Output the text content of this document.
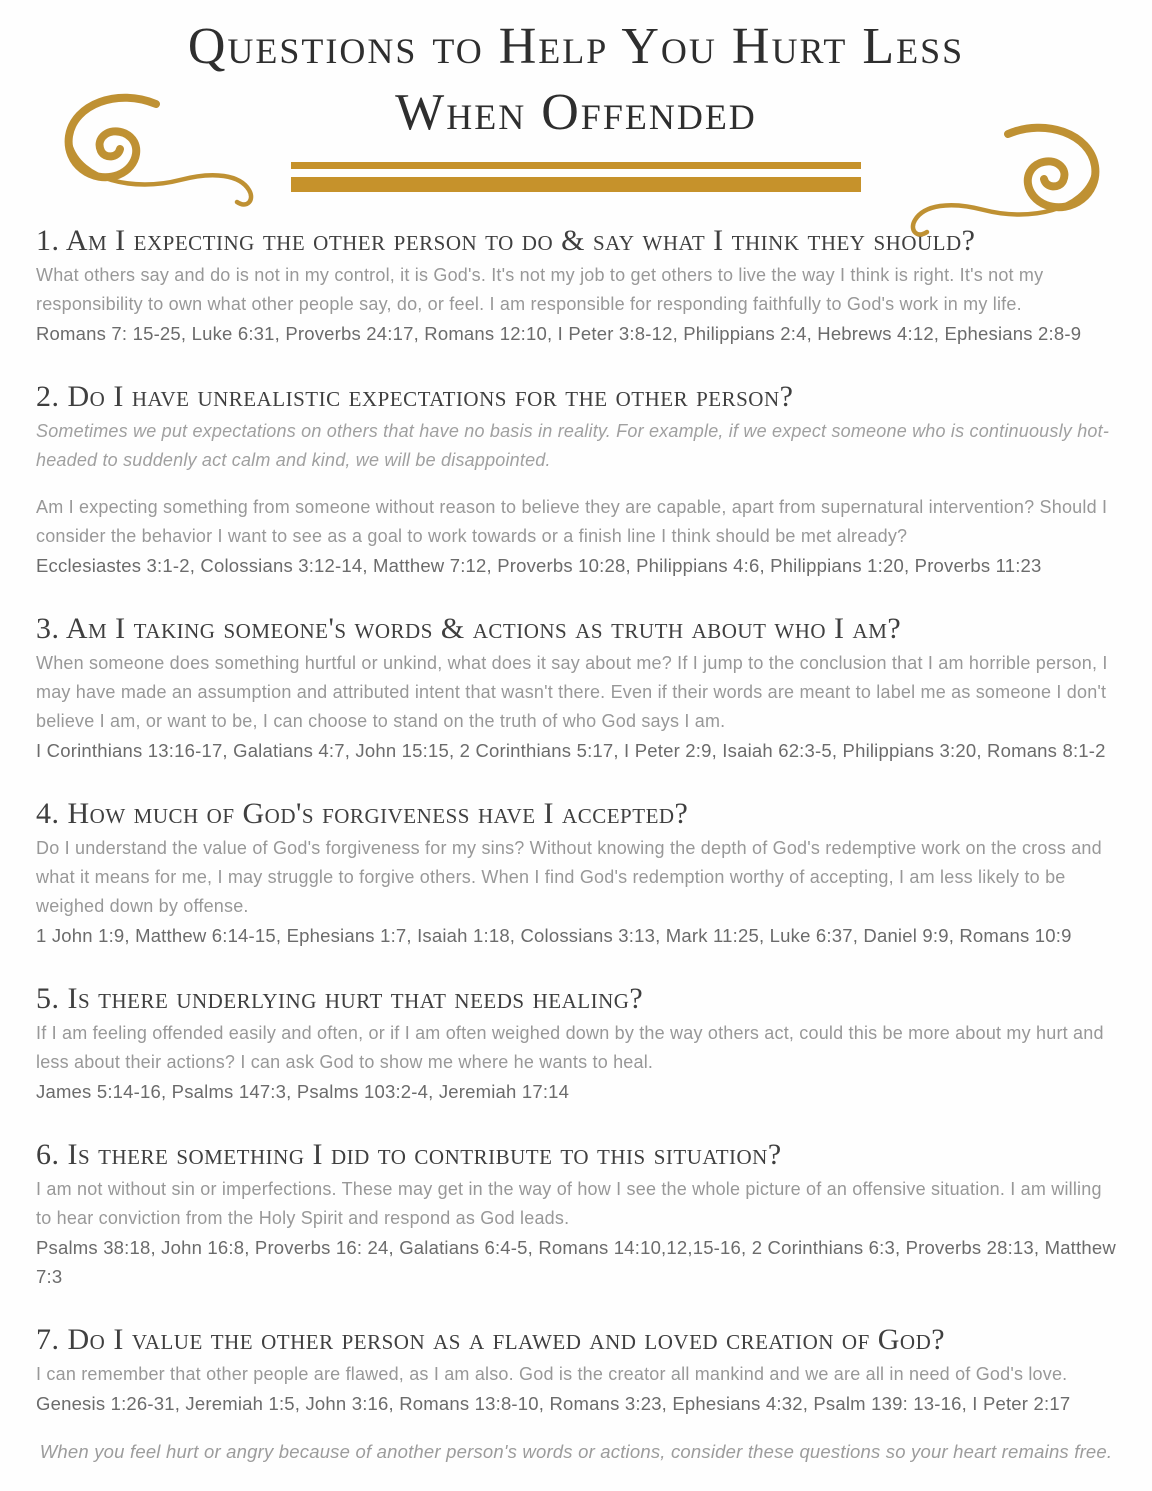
Questions to Help You Hurt Less
When Offended
1. Am I expecting the other person to do & say what I think they should?

What others say and do is not in my control, it is God's. It's not my job to get others to live the way I think is right. It's not my responsibility to own what other people say, do, or feel. I am responsible for responding faithfully to God's work in my life.

Romans 7: 15-25, Luke 6:31, Proverbs 24:17, Romans 12:10, I Peter 3:8-12, Philippians 2:4, Hebrews 4:12, Ephesians 2:8-9

2. Do I have unrealistic expectations for the other person?

Sometimes we put expectations on others that have no basis in reality. For example, if we expect someone who is continuously hot-headed to suddenly act calm and kind, we will be disappointed.

Am I expecting something from someone without reason to believe they are capable, apart from supernatural intervention? Should I consider the behavior I want to see as a goal to work towards or a finish line I think should be met already?

Ecclesiastes 3:1-2, Colossians 3:12-14, Matthew 7:12, Proverbs 10:28, Philippians 4:6, Philippians 1:20, Proverbs 11:23

3. Am I taking someone's words & actions as truth about who I am?

When someone does something hurtful or unkind, what does it say about me? If I jump to the conclusion that I am horrible person, I may have made an assumption and attributed intent that wasn't there. Even if their words are meant to label me as someone I don't believe I am, or want to be, I can choose to stand on the truth of who God says I am.

I Corinthians 13:16-17, Galatians 4:7, John 15:15, 2 Corinthians 5:17, I Peter 2:9, Isaiah 62:3-5, Philippians 3:20, Romans 8:1-2

4. How much of God's forgiveness have I accepted?

Do I understand the value of God's forgiveness for my sins? Without knowing the depth of God's redemptive work on the cross and what it means for me, I may struggle to forgive others. When I find God's redemption worthy of accepting, I am less likely to be weighed down by offense.

1 John 1:9, Matthew 6:14-15, Ephesians 1:7, Isaiah 1:18, Colossians 3:13, Mark 11:25, Luke 6:37, Daniel 9:9, Romans 10:9

5. Is there underlying hurt that needs healing?

If I am feeling offended easily and often, or if I am often weighed down by the way others act, could this be more about my hurt and less about their actions? I can ask God to show me where he wants to heal.

James 5:14-16, Psalms 147:3, Psalms 103:2-4, Jeremiah 17:14

6. Is there something I did to contribute to this situation?

I am not without sin or imperfections. These may get in the way of how I see the whole picture of an offensive situation. I am willing to hear conviction from the Holy Spirit and respond as God leads.

Psalms 38:18, John 16:8, Proverbs 16: 24, Galatians 6:4-5, Romans 14:10,12,15-16, 2 Corinthians 6:3, Proverbs 28:13, Matthew 7:3

7. Do I value the other person as a flawed and loved creation of God?

I can remember that other people are flawed, as I am also. God is the creator all mankind and we are all in need of God's love.

Genesis 1:26-31, Jeremiah 1:5, John 3:16, Romans 13:8-10, Romans 3:23, Ephesians 4:32, Psalm 139: 13-16, I Peter 2:17

When you feel hurt or angry because of another person's words or actions, consider these questions so your heart remains free.
